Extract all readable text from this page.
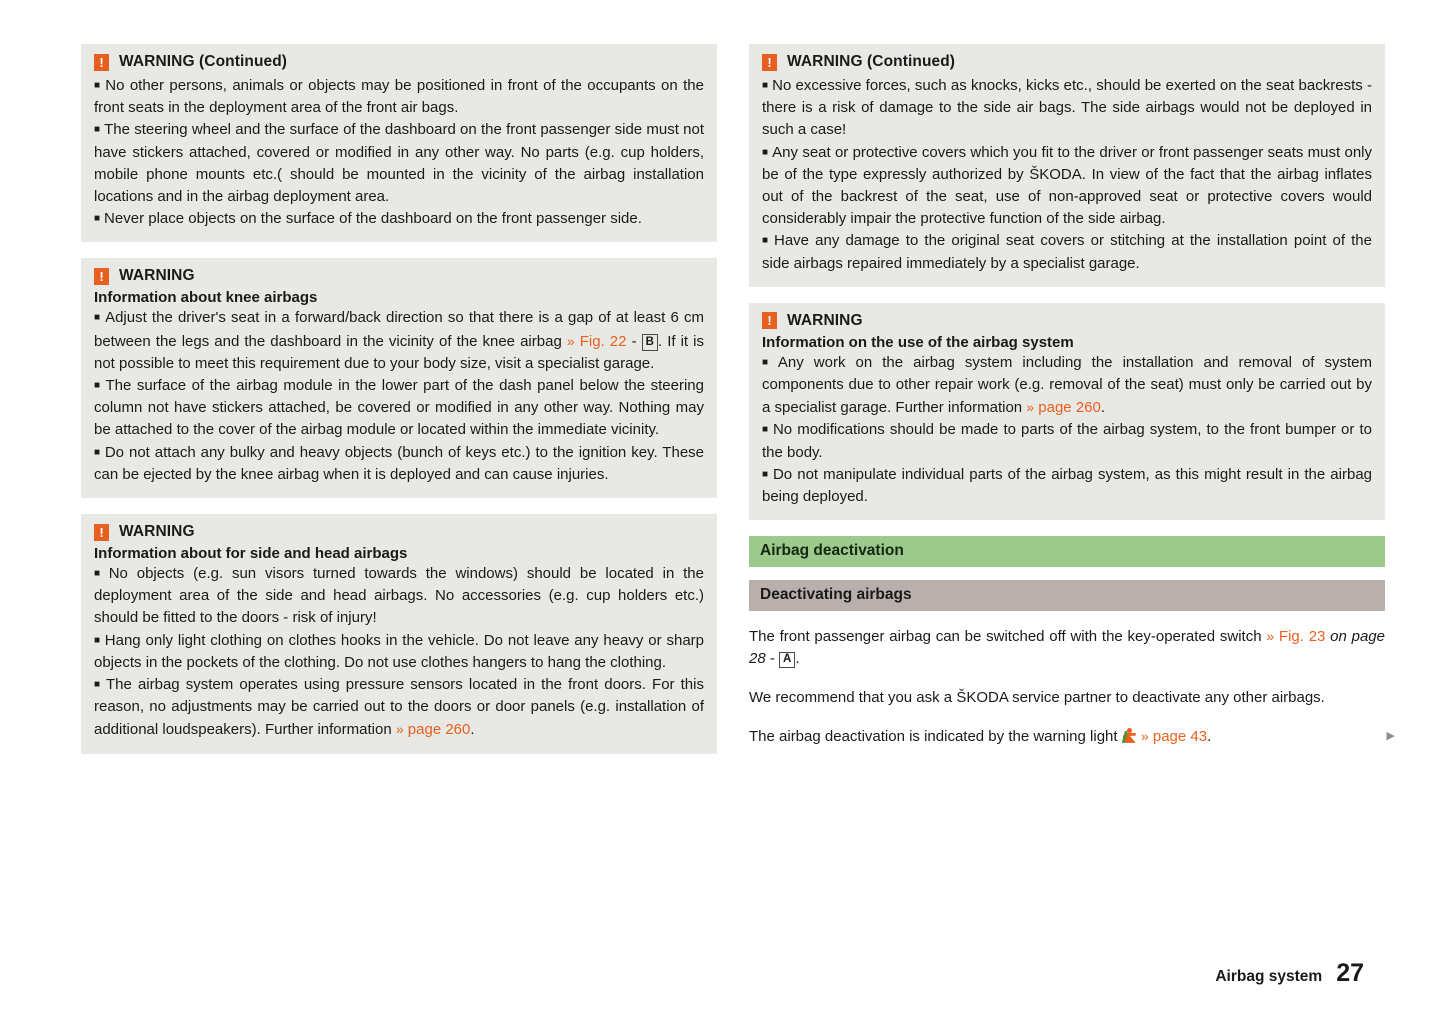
! WARNING (Continued)
■ No other persons, animals or objects may be positioned in front of the occupants on the front seats in the deployment area of the front air bags.
■ The steering wheel and the surface of the dashboard on the front passenger side must not have stickers attached, covered or modified in any other way. No parts (e.g. cup holders, mobile phone mounts etc.( should be mounted in the vicinity of the airbag installation locations and in the airbag deployment area.
■ Never place objects on the surface of the dashboard on the front passenger side.
! WARNING
Information about knee airbags
■ Adjust the driver's seat in a forward/back direction so that there is a gap of at least 6 cm between the legs and the dashboard in the vicinity of the knee airbag » Fig. 22 - B . If it is not possible to meet this requirement due to your body size, visit a specialist garage.
■ The surface of the airbag module in the lower part of the dash panel below the steering column not have stickers attached, be covered or modified in any other way. Nothing may be attached to the cover of the airbag module or located within the immediate vicinity.
■ Do not attach any bulky and heavy objects (bunch of keys etc.) to the ignition key. These can be ejected by the knee airbag when it is deployed and can cause injuries.
! WARNING
Information about for side and head airbags
■ No objects (e.g. sun visors turned towards the windows) should be located in the deployment area of the side and head airbags. No accessories (e.g. cup holders etc.) should be fitted to the doors - risk of injury!
■ Hang only light clothing on clothes hooks in the vehicle. Do not leave any heavy or sharp objects in the pockets of the clothing. Do not use clothes hangers to hang the clothing.
■ The airbag system operates using pressure sensors located in the front doors. For this reason, no adjustments may be carried out to the doors or door panels (e.g. installation of additional loudspeakers). Further information » page 260.
! WARNING (Continued)
■ No excessive forces, such as knocks, kicks etc., should be exerted on the seat backrests - there is a risk of damage to the side air bags. The side airbags would not be deployed in such a case!
■ Any seat or protective covers which you fit to the driver or front passenger seats must only be of the type expressly authorized by ŠKODA. In view of the fact that the airbag inflates out of the backrest of the seat, use of non-approved seat or protective covers would considerably impair the protective function of the side airbag.
■ Have any damage to the original seat covers or stitching at the installation point of the side airbags repaired immediately by a specialist garage.
! WARNING
Information on the use of the airbag system
■ Any work on the airbag system including the installation and removal of system components due to other repair work (e.g. removal of the seat) must only be carried out by a specialist garage. Further information » page 260.
■ No modifications should be made to parts of the airbag system, to the front bumper or to the body.
■ Do not manipulate individual parts of the airbag system, as this might result in the airbag being deployed.
Airbag deactivation
Deactivating airbags

The front passenger airbag can be switched off with the key-operated switch » Fig. 23 on page 28 - A .

We recommend that you ask a ŠKODA service partner to deactivate any other airbags.

The airbag deactivation is indicated by the warning light » page 43.	▶
Airbag system 27
